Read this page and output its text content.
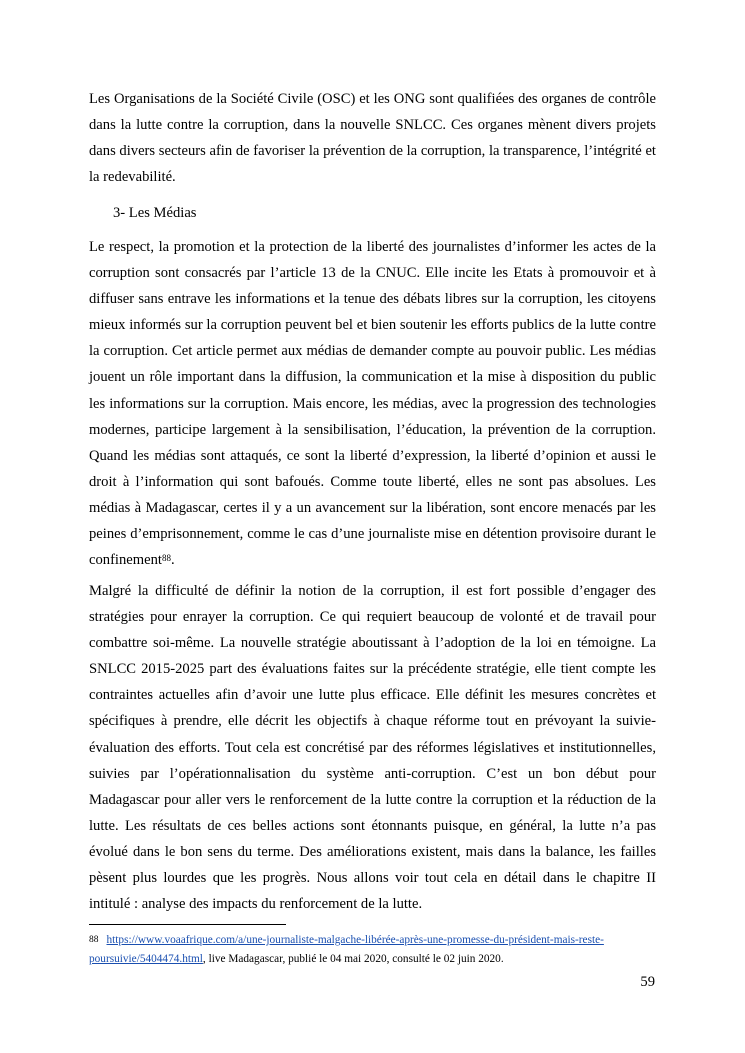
Les Organisations de la Société Civile (OSC) et les ONG sont qualifiées des organes de contrôle dans la lutte contre la corruption, dans la nouvelle SNLCC. Ces organes mènent divers projets dans divers secteurs afin de favoriser la prévention de la corruption, la transparence, l’intégrité et la redevabilité.

3- Les Médias

Le respect, la promotion et la protection de la liberté des journalistes d’informer les actes de la corruption sont consacrés par l’article 13 de la CNUC. Elle incite les Etats à promouvoir et à diffuser sans entrave les informations et la tenue des débats libres sur la corruption, les citoyens mieux informés sur la corruption peuvent bel et bien soutenir les efforts publics de la lutte contre la corruption. Cet article permet aux médias de demander compte au pouvoir public. Les médias jouent un rôle important dans la diffusion, la communication et la mise à disposition du public les informations sur la corruption. Mais encore, les médias, avec la progression des technologies modernes, participe largement à la sensibilisation, l’éducation, la prévention de la corruption. Quand les médias sont attaqués, ce sont la liberté d’expression, la liberté d’opinion et aussi le droit à l’information qui sont bafoués. Comme toute liberté, elles ne sont pas absolues. Les médias à Madagascar, certes il y a un avancement sur la libération, sont encore menacés par les peines d’emprisonnement, comme le cas d’une journaliste mise en détention provisoire durant le confinement$^{88}$.

Malgré la difficulté de définir la notion de la corruption, il est fort possible d’engager des stratégies pour enrayer la corruption. Ce qui requiert beaucoup de volonté et de travail pour combattre soi-même. La nouvelle stratégie aboutissant à l’adoption de la loi en témoigne. La SNLCC 2015-2025 part des évaluations faites sur la précédente stratégie, elle tient compte les contraintes actuelles afin d’avoir une lutte plus efficace. Elle définit les mesures concrètes et spécifiques à prendre, elle décrit les objectifs à chaque réforme tout en prévoyant la suivie-évaluation des efforts. Tout cela est concrétisé par des réformes législatives et institutionnelles, suivies par l’opérationnalisation du système anti-corruption. C’est un bon début pour Madagascar pour aller vers le renforcement de la lutte contre la corruption et la réduction de la lutte. Les résultats de ces belles actions sont étonnants puisque, en général, la lutte n’a pas évolué dans le bon sens du terme. Des améliorations existent, mais dans la balance, les failles pèsent plus lourdes que les progrès. Nous allons voir tout cela en détail dans le chapitre II intitulé : analyse des impacts du renforcement de la lutte.

$^{88}$ https://www.voaafrique.com/a/une-journaliste-malgache-libérée-après-une-promesse-du-président-mais-reste-poursuivie/5404474.html, live Madagascar, publié le 04 mai 2020, consulté le 02 juin 2020.
59
